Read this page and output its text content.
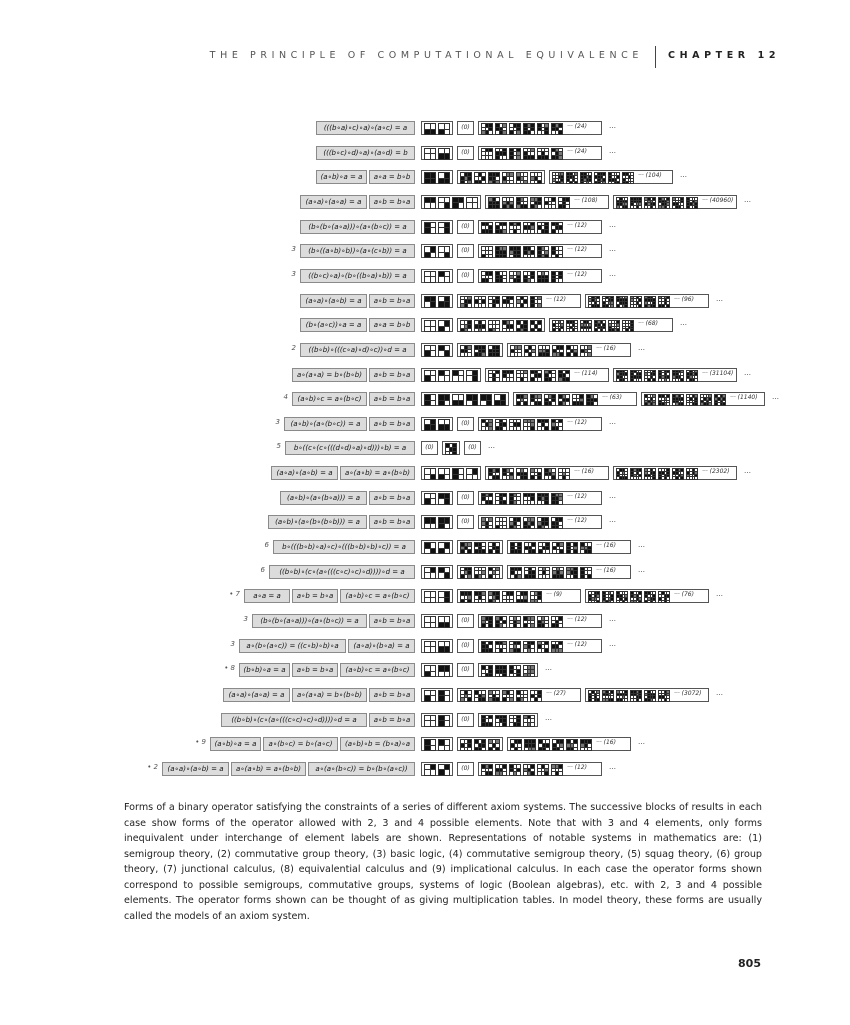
THE PRINCIPLE OF COMPUTATIONAL EQUIVALENCE	CHAPTER 12
(((b∘a)∘c)∘a)∘(a∘c) = a	(0)	··· (24)	…
(((b∘c)∘d)∘a)∘(a∘d) = b	(0)	··· (24)	…
(a∘b)∘a = a	a∘a = b∘b	··· (104)	…
(a∘a)∘(a∘a) = a	a∘b = b∘a	··· (108)	··· (40960) …
(b∘(b∘(a∘a)))∘(a∘(b∘c)) = a	(0)	··· (12)	…
3	(b∘((a∘b)∘b))∘(a∘(c∘b)) = a	(0)	··· (12)	…
3	((b∘c)∘a)∘(b∘((b∘a)∘b)) = a	(0)	··· (12)	…
(a∘a)∘(a∘b) = a	a∘b = b∘a	··· (12)	··· (96)	…
(b∘(a∘c))∘a = a	a∘a = b∘b	··· (68)	…
2	((b∘b)∘(((c∘a)∘d)∘c))∘d = a	··· (16)	…
a∘(a∘a) = b∘(b∘b)	a∘b = b∘a	··· (114)	··· (31104) …
4	(a∘b)∘c = a∘(b∘c)	a∘b = b∘a	··· (63)	··· (1140) …
3	(a∘b)∘(a∘(b∘c)) = a	a∘b = b∘a	(0)	··· (12)	…
5	b∘((c∘(c∘(((d∘d)∘a)∘d)))∘b) = a	(0)	(0)	…
(a∘a)∘(a∘b) = a	a∘(a∘b) = a∘(b∘b)	··· (16)	··· (2302) …
(a∘b)∘(a∘(b∘a))) = a	a∘b = b∘a	(0)	··· (12)	…
(a∘b)∘(a∘(b∘(b∘b))) = a	a∘b = b∘a	(0)	··· (12)	…
6	b∘(((b∘b)∘a)∘c)∘(((b∘b)∘b)∘c)) = a	··· (16)	…
6	((b∘b)∘(c∘(a∘(((c∘c)∘c)∘d))))∘d = a	··· (16)	…
• 7	a∘a = a	a∘b = b∘a	(a∘b)∘c = a∘(b∘c)	··· (9)	··· (76)	…
3	(b∘(b∘(a∘a)))∘(a∘(b∘c)) = a	a∘b = b∘a	(0)	··· (12)	…
3	a∘(b∘(a∘c)) = ((c∘b)∘b)∘a	(a∘a)∘(b∘a) = a	(0)	··· (12)	…
• 8	(b∘b)∘a = a	a∘b = b∘a	(a∘b)∘c = a∘(b∘c)	(0)	…
(a∘a)∘(a∘a) = a	a∘(a∘a) = b∘(b∘b)	a∘b = b∘a	··· (27)	··· (3072) …
((b∘b)∘(c∘(a∘(((c∘c)∘c)∘d))))∘d = a	a∘b = b∘a	(0)	…
• 9	(a∘b)∘a = a	a∘(b∘c) = b∘(a∘c)	(a∘b)∘b = (b∘a)∘a	··· (16)	…
• 2	(a∘a)∘(a∘b) = a	a∘(a∘b) = a∘(b∘b)	a∘(a∘(b∘c)) = b∘(b∘(a∘c))	(0)	··· (12)	…

Forms of a binary operator satisfying the constraints of a series of different axiom systems. The successive blocks of results in each case show forms of the operator allowed with 2, 3 and 4 possible elements. Note that with 3 and 4 elements, only forms inequivalent under interchange of element labels are shown. Representations of notable systems in mathematics are: (1) semigroup theory, (2) commutative group theory, (3) basic logic, (4) commutative semigroup theory, (5) squag theory, (6) group theory, (7) junctional calculus, (8) equivalential calculus and (9) implicational calculus. In each case the operator forms shown correspond to possible semigroups, commutative groups, systems of logic (Boolean algebras), etc. with 2, 3 and 4 possible elements. The operator forms shown can be thought of as giving multiplication tables. In model theory, these forms are usually called the models of an axiom system.

805
